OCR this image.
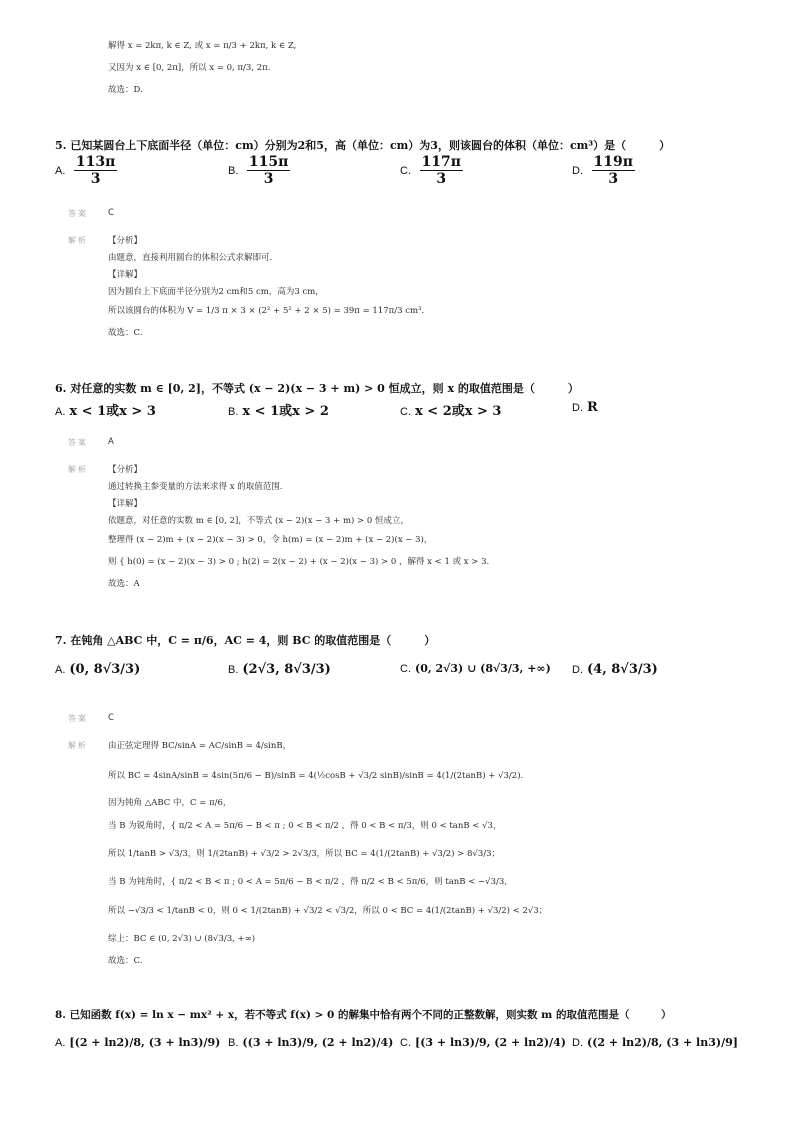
解得 x = 2kπ, k ∈ Z, 或 x = π/3 + 2kπ, k ∈ Z,
又因为 x ∈ [0, 2π]，所以 x = 0, π/3, 2π.
故选：D.
5. 已知某圆台上下底面半径（单位：cm）分别为2和5，高（单位：cm）为3，则该圆台的体积（单位：cm³）是（　　　）
A. $\frac{113\pi}{3}$	B. $\frac{115\pi}{3}$	C. $\frac{117\pi}{3}$	D. $\frac{119\pi}{3}$
答案 C
解析 【分析】
由题意，直接利用圆台的体积公式求解即可.
【详解】
因为圆台上下底面半径分别为2 cm和5 cm，高为3 cm，
所以该圆台的体积为 V = 1/3 π × 3 × (2² + 5² + 2 × 5) = 39π = 117π/3 cm³.
故选：C.
6. 对任意的实数 m ∈ [0, 2]，不等式 (x − 2)(x − 3 + m) > 0 恒成立，则 x 的取值范围是（　　　）
A. x < 1或x > 3	B. x < 1或x > 2	C. x < 2或x > 3	D. R
答案 A
解析 【分析】
通过转换主参变量的方法来求得 x 的取值范围.
【详解】
依题意，对任意的实数 m ∈ [0, 2]，不等式 (x − 2)(x − 3 + m) > 0 恒成立，
整理得 (x − 2)m + (x − 2)(x − 3) > 0，令 h(m) = (x − 2)m + (x − 2)(x − 3)，
则 { h(0) = (x − 2)(x − 3) > 0 ; h(2) = 2(x − 2) + (x − 2)(x − 3) > 0 ，解得 x < 1 或 x > 3.
故选：A
7. 在钝角 △ABC 中，C = π/6，AC = 4，则 BC 的取值范围是（　　　）
A. (0, 8√3/3)	B. (2√3, 8√3/3)	C. (0, 2√3) ∪ (8√3/3, +∞) D. (4, 8√3/3)
答案 C
解析 由正弦定理得 BC/sinA = AC/sinB = 4/sinB，
所以 BC = 4sinA/sinB = 4sin(5π/6 − B)/sinB = 4(½cosB + √3/2 sinB)/sinB = 4(1/(2tanB) + √3/2).
因为钝角 △ABC 中，C = π/6，
当 B 为锐角时，{ π/2 < A = 5π/6 − B < π ; 0 < B < π/2 ，得 0 < B < π/3，则 0 < tanB < √3，
所以 1/tanB > √3/3，则 1/(2tanB) + √3/2 > 2√3/3，所以 BC = 4(1/(2tanB) + √3/2) > 8√3/3；
当 B 为钝角时，{ π/2 < B < π ; 0 < A = 5π/6 − B < π/2 ，得 π/2 < B < 5π/6，则 tanB < −√3/3，
所以 −√3/3 < 1/tanB < 0，则 0 < 1/(2tanB) + √3/2 < √3/2，所以 0 < BC = 4(1/(2tanB) + √3/2) < 2√3；
综上：BC ∈ (0, 2√3) ∪ (8√3/3, +∞)
故选：C.
8. 已知函数 f(x) = ln x − mx² + x，若不等式 f(x) > 0 的解集中恰有两个不同的正整数解，则实数 m 的取值范围是（　　　）
A. [(2 + ln2)/8, (3 + ln3)/9) B. ((3 + ln3)/9, (2 + ln2)/4) C. [(3 + ln3)/9, (2 + ln2)/4) D. ((2 + ln2)/8, (3 + ln3)/9]
